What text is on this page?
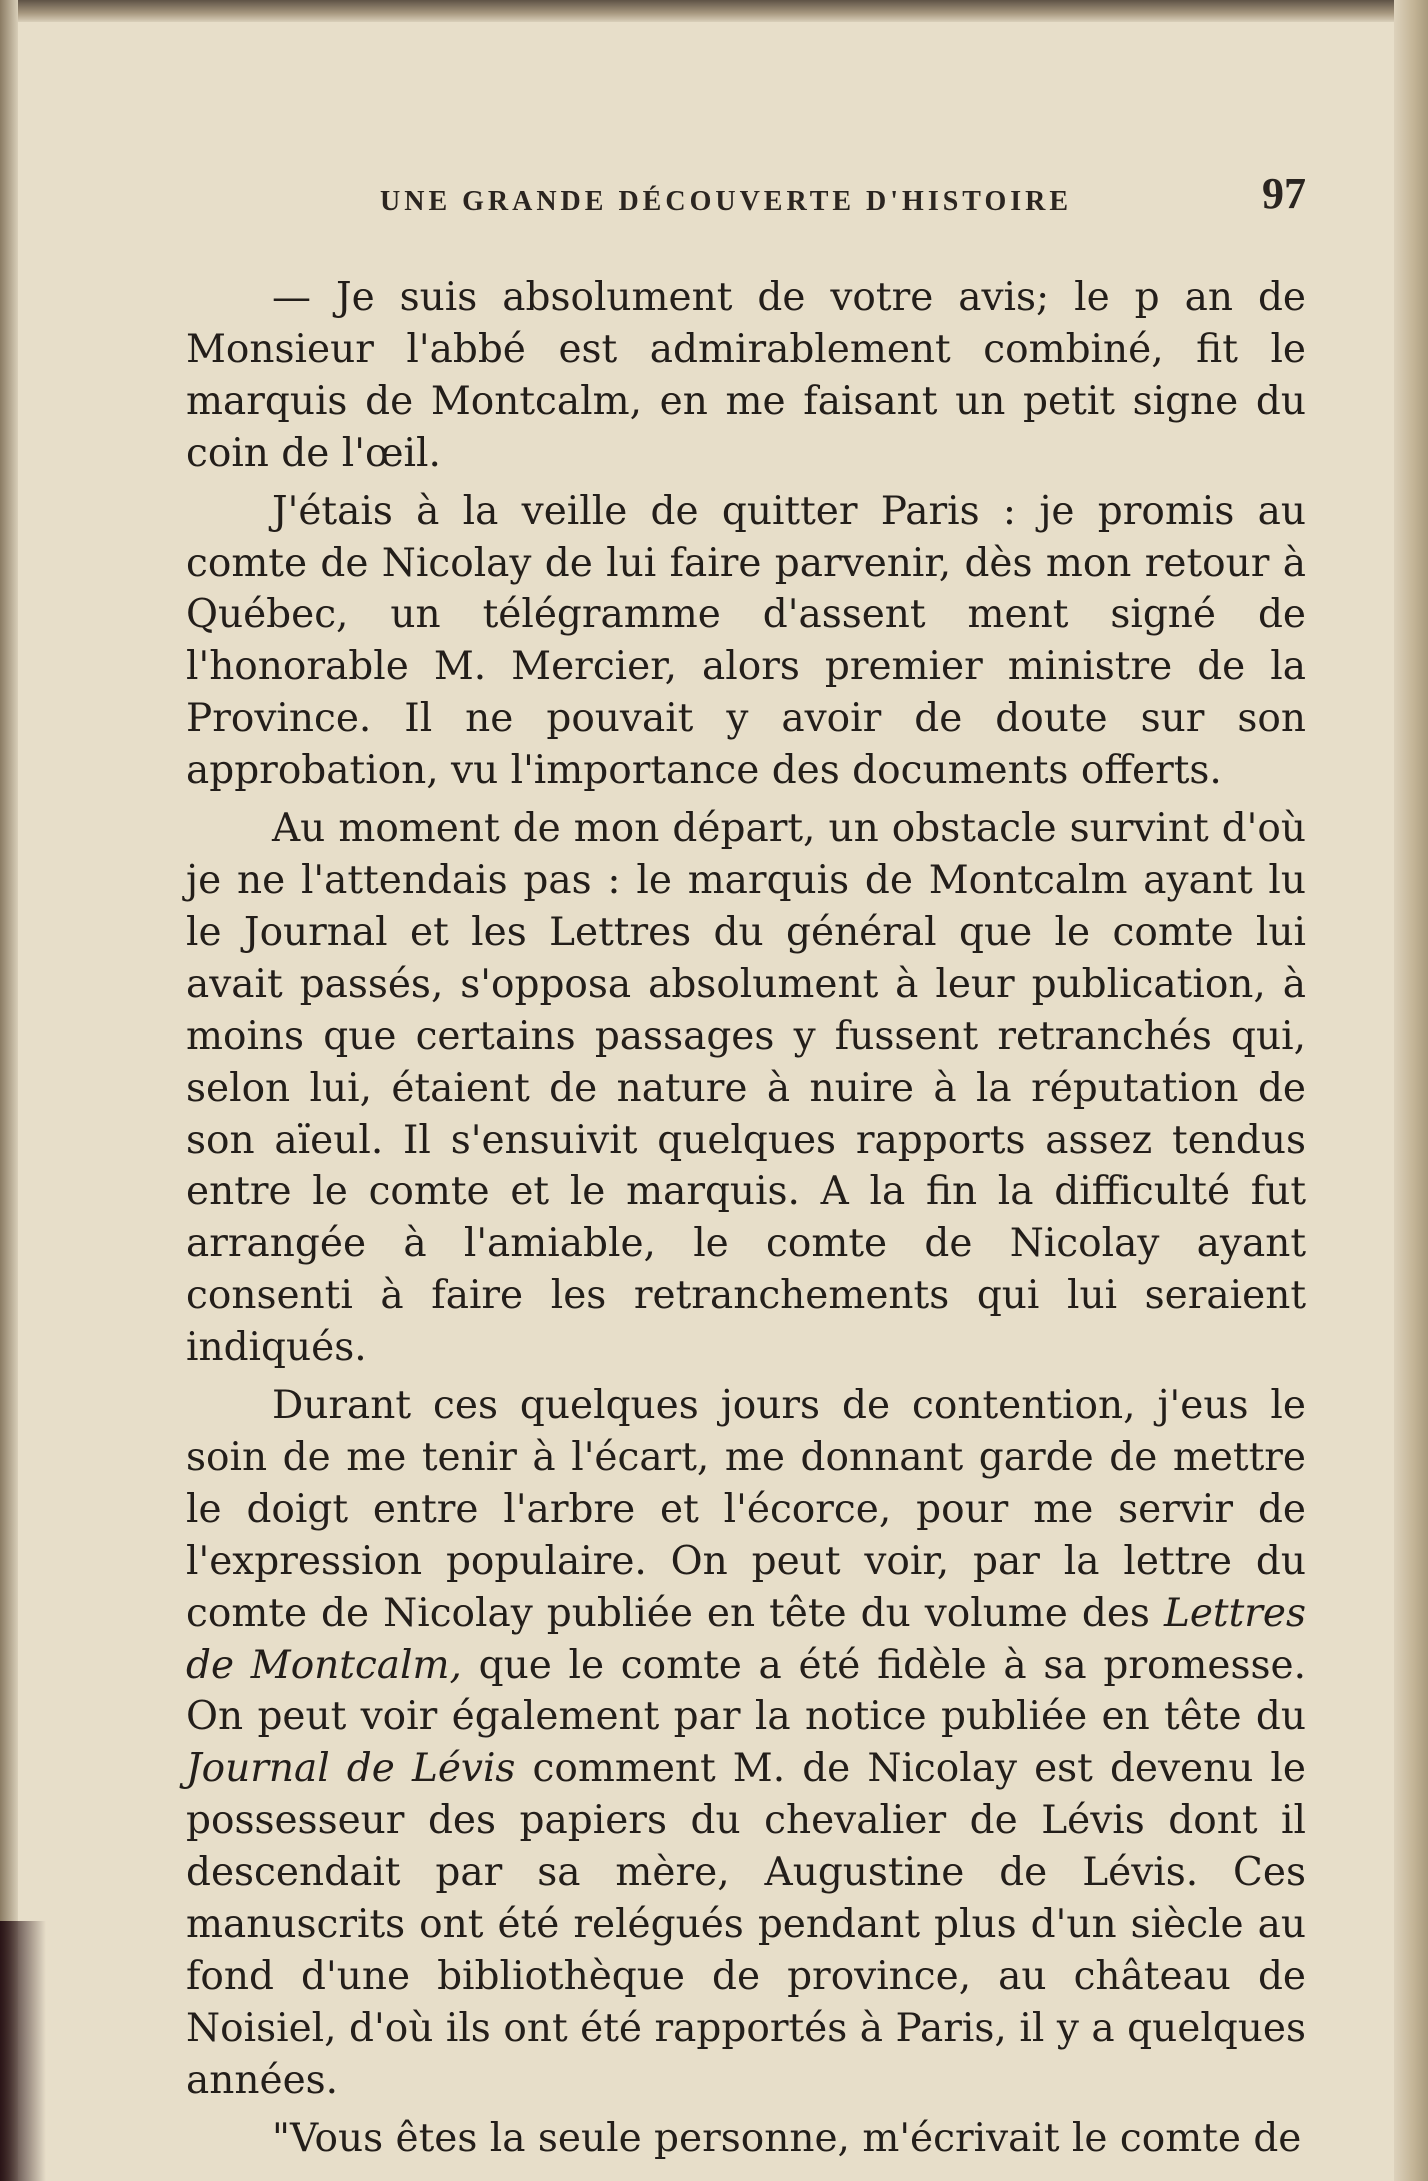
UNE GRANDE DÉCOUVERTE D'HISTOIRE	97

— Je suis absolument de votre avis; le p an de Monsieur l'abbé est admirablement combiné, fit le marquis de Montcalm, en me faisant un petit signe du coin de l'œil.

J'étais à la veille de quitter Paris : je promis au comte de Nicolay de lui faire parvenir, dès mon retour à Québec, un télégramme d'assent ment signé de l'honorable M. Mercier, alors premier ministre de la Province. Il ne pouvait y avoir de doute sur son approbation, vu l'importance des documents offerts.

Au moment de mon départ, un obstacle survint d'où je ne l'attendais pas : le marquis de Montcalm ayant lu le Journal et les Lettres du général que le comte lui avait passés, s'opposa absolument à leur publication, à moins que certains passages y fussent retranchés qui, selon lui, étaient de nature à nuire à la réputation de son aïeul. Il s'ensuivit quelques rapports assez tendus entre le comte et le marquis. A la fin la difficulté fut arrangée à l'amiable, le comte de Nicolay ayant consenti à faire les retranchements qui lui seraient indiqués.

Durant ces quelques jours de contention, j'eus le soin de me tenir à l'écart, me donnant garde de mettre le doigt entre l'arbre et l'écorce, pour me servir de l'expression populaire. On peut voir, par la lettre du comte de Nicolay publiée en tête du volume des Lettres de Montcalm, que le comte a été fidèle à sa promesse. On peut voir également par la notice publiée en tête du Journal de Lévis comment M. de Nicolay est devenu le possesseur des papiers du chevalier de Lévis dont il descendait par sa mère, Augustine de Lévis. Ces manuscrits ont été relégués pendant plus d'un siècle au fond d'une bibliothèque de province, au château de Noisiel, d'où ils ont été rapportés à Paris, il y a quelques années.

"Vous êtes la seule personne, m'écrivait le comte de
